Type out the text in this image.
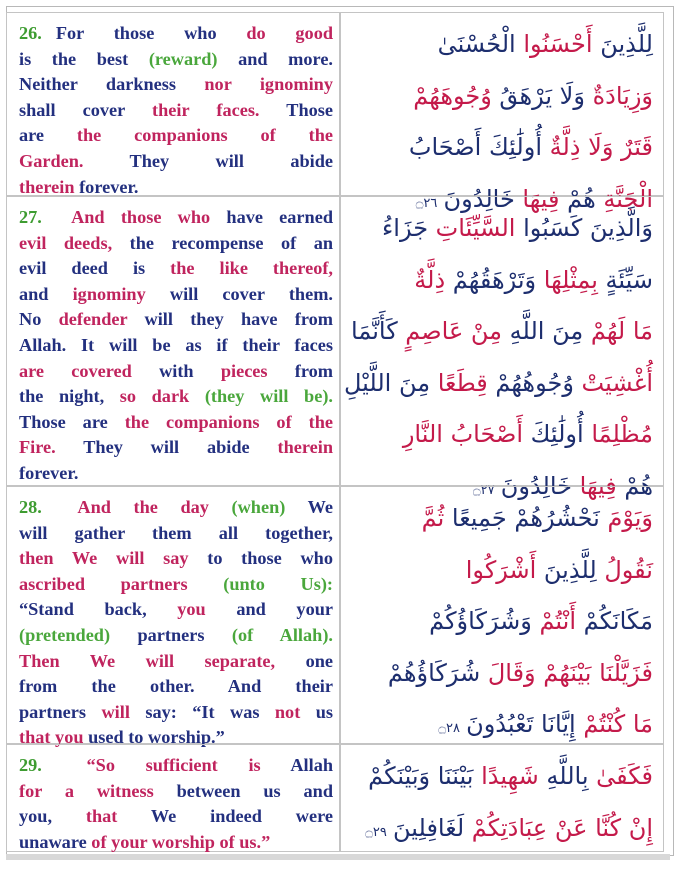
26. For those who do good

is the best (reward) and more.

Neither darkness nor ignominy

shall cover their faces. Those

are the companions of the

Garden. They will abide

therein forever.

لِلَّذِينَ أَحْسَنُوا الْحُسْنَىٰ
وَزِيَادَةٌ وَلَا يَرْهَقُ وُجُوهَهُمْ
قَتَرٌ وَلَا ذِلَّةٌ أُولَٰئِكَ أَصْحَابُ
الْجَنَّةِ هُمْ فِيهَا خَالِدُونَ ۝٢٦

27. And those who have earned

evil deeds, the recompense of an

evil deed is the like thereof,

and ignominy will cover them.

No defender will they have from

Allah. It will be as if their faces

are covered with pieces from

the night, so dark (they will be).

Those are the companions of the

Fire. They will abide therein

forever.

وَالَّذِينَ كَسَبُوا السَّيِّئَاتِ جَزَاءُ
سَيِّئَةٍ بِمِثْلِهَا وَتَرْهَقُهُمْ ذِلَّةٌ
مَا لَهُمْ مِنَ اللَّهِ مِنْ عَاصِمٍ كَأَنَّمَا
أُغْشِيَتْ وُجُوهُهُمْ قِطَعًا مِنَ اللَّيْلِ
مُظْلِمًا أُولَٰئِكَ أَصْحَابُ النَّارِ
هُمْ فِيهَا خَالِدُونَ ۝٢٧

28. And the day (when) We

will gather them all together,

then We will say to those who

ascribed partners (unto Us):

“Stand back, you and your

(pretended) partners (of Allah).

Then We will separate, one

from the other. And their

partners will say: “It was not us

that you used to worship.”

وَيَوْمَ نَحْشُرُهُمْ جَمِيعًا ثُمَّ
نَقُولُ لِلَّذِينَ أَشْرَكُوا
مَكَانَكُمْ أَنْتُمْ وَشُرَكَاؤُكُمْ
فَزَيَّلْنَا بَيْنَهُمْ وَقَالَ شُرَكَاؤُهُمْ
مَا كُنْتُمْ إِيَّانَا تَعْبُدُونَ ۝٢٨

29. “So sufficient is Allah

for a witness between us and

you, that We indeed were

unaware of your worship of us.”

فَكَفَىٰ بِاللَّهِ شَهِيدًا بَيْنَنَا وَبَيْنَكُمْ
إِنْ كُنَّا عَنْ عِبَادَتِكُمْ لَغَافِلِينَ ۝٢٩
